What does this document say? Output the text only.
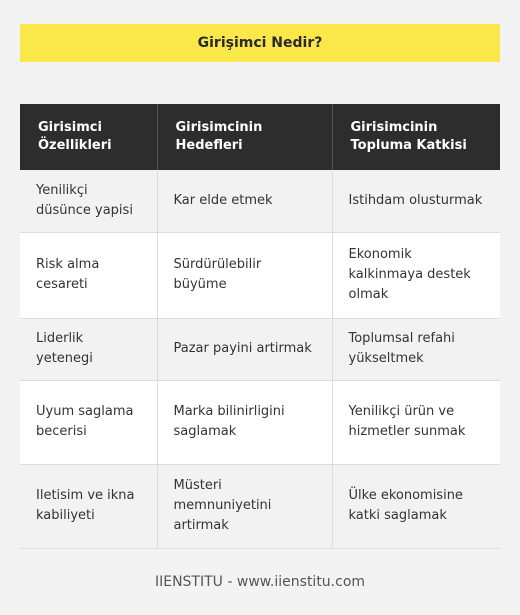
Girişimci Nedir?
Girisimci Özellikleri	Girisimcinin Hedefleri	Girisimcinin Topluma Katkisi
Yenilikçi düsünce yapisi	Kar elde etmek	Istihdam olusturmak
Risk alma cesareti	Sürdürülebilir büyüme	Ekonomik kalkinmaya destek olmak
Liderlik yetenegi	Pazar payini artirmak	Toplumsal refahi yükseltmek
Uyum saglama becerisi	Marka bilinirligini saglamak	Yenilikçi ürün ve hizmetler sunmak
Iletisim ve ikna kabiliyeti	Müsteri memnuniyetini artirmak	Ülke ekonomisine katki saglamak
IIENSTITU - www.iienstitu.com
